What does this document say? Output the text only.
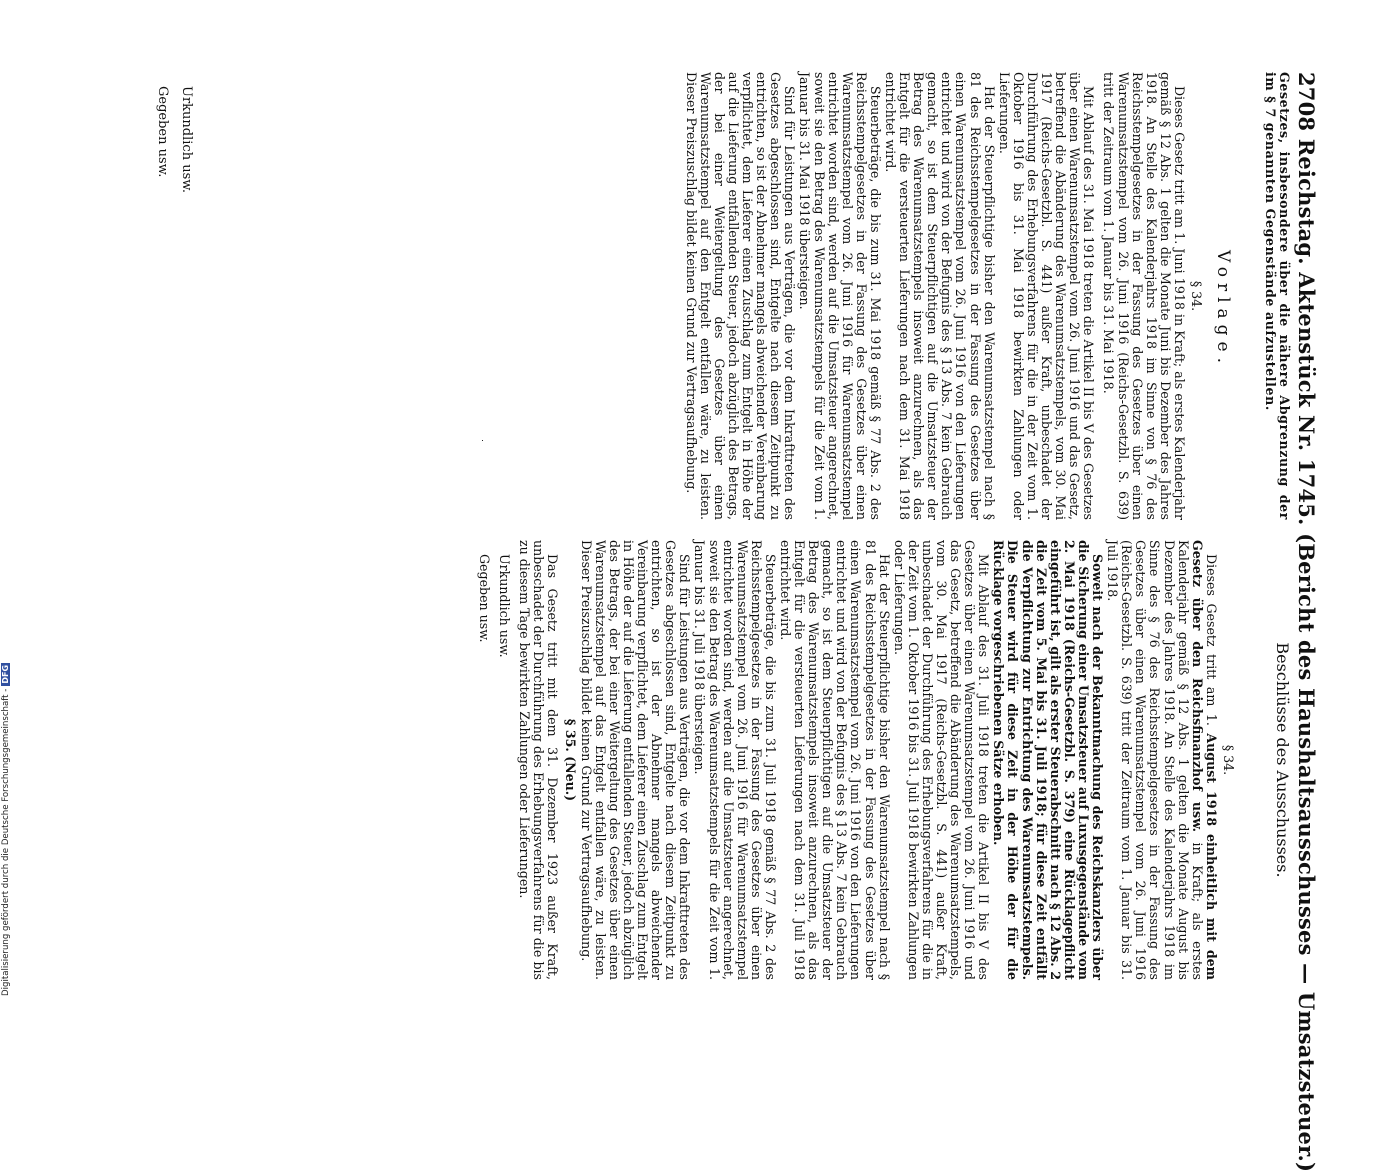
2708 Reichstag. Aktenstück Nr. 1745. (Bericht des Haushaltsausschusses — Umsatzsteuer.)

Gesetzes, insbesondere über die nähere Abgrenzung der im § 7 genannten Gegenstände aufzustellen.

Vorlage.
§ 34.

Dieses Gesetz tritt am 1. Juni 1918 in Kraft; als erstes Kalenderjahr gemäß § 12 Abs. 1 gelten die Monate Juni bis Dezember des Jahres 1918. An Stelle des Kalenderjahrs 1918 im Sinne von § 76 des Reichsstempelgesetzes in der Fassung des Gesetzes über einen Warenumsatzstempel vom 26. Juni 1916 (Reichs-Gesetzbl. S. 639) tritt der Zeitraum vom 1. Januar bis 31. Mai 1918.

Mit Ablauf des 31. Mai 1918 treten die Artikel II bis V des Gesetzes über einen Warenumsatzstempel vom 26. Juni 1916 und das Gesetz, betreffend die Abänderung des Warenumsatzstempels, vom 30. Mai 1917 (Reichs-Gesetzbl. S. 441) außer Kraft, unbeschadet der Durchführung des Erhebungsverfahrens für die in der Zeit vom 1. Oktober 1916 bis 31. Mai 1918 bewirkten Zahlungen oder Lieferungen.

Hat der Steuerpflichtige bisher den Warenumsatzstempel nach § 81 des Reichsstempelgesetzes in der Fassung des Gesetzes über einen Warenumsatzstempel vom 26. Juni 1916 von den Lieferungen entrichtet und wird von der Befugnis des § 13 Abs. 7 kein Gebrauch gemacht, so ist dem Steuerpflichtigen auf die Umsatzsteuer der Betrag des Warenumsatzstempels insoweit anzurechnen, als das Entgelt für die versteuerten Lieferungen nach dem 31. Mai 1918 entrichtet wird.

Steuerbeträge, die bis zum 31. Mai 1918 gemäß § 77 Abs. 2 des Reichsstempelgesetzes in der Fassung des Gesetzes über einen Warenumsatzstempel vom 26. Juni 1916 für Warenumsatzstempel entrichtet worden sind, werden auf die Umsatzsteuer angerechnet, soweit sie den Betrag des Warenumsatzstempels für die Zeit vom 1. Januar bis 31. Mai 1918 übersteigen.

Sind für Leistungen aus Verträgen, die vor dem Inkrafttreten des Gesetzes abgeschlossen sind, Entgelte nach diesem Zeitpunkt zu entrichten, so ist der Abnehmer mangels abweichender Vereinbarung verpflichtet, dem Lieferer einen Zuschlag zum Entgelt in Höhe der auf die Lieferung entfallenden Steuer, jedoch abzüglich des Betrags, der bei einer Weitergeltung des Gesetzes über einen Warenumsatzstempel auf den Entgelt entfallen wäre, zu leisten. Dieser Preiszuschlag bildet keinen Grund zur Vertragsaufhebung.

Urkundlich usw.

Gegeben usw.

Beschlüsse des Ausschusses.
§ 34.

Dieses Gesetz tritt am 1. August 1918 einheitlich mit dem Gesetz über den Reichsfinanzhof usw. in Kraft; als erstes Kalenderjahr gemäß § 12 Abs. 1 gelten die Monate August bis Dezember des Jahres 1918. An Stelle des Kalenderjahrs 1918 im Sinne des § 76 des Reichsstempelgesetzes in der Fassung des Gesetzes über einen Warenumsatzstempel vom 26. Juni 1916 (Reichs-Gesetzbl. S. 639) tritt der Zeitraum vom 1. Januar bis 31. Juli 1918.

Soweit nach der Bekanntmachung des Reichskanzlers über die Sicherung einer Umsatzsteuer auf Luxusgegenstände vom 2. Mai 1918 (Reichs-Gesetzbl. S. 379) eine Rücklagepflicht eingeführt ist, gilt als erster Steuerabschnitt nach § 12 Abs. 2 die Zeit vom 5. Mai bis 31. Juli 1918; für diese Zeit entfällt die Verpflichtung zur Entrichtung des Warenumsatzstempels. Die Steuer wird für diese Zeit in der Höhe der für die Rücklage vorgeschriebenen Sätze erhoben.

Mit Ablauf des 31. Juli 1918 treten die Artikel II bis V des Gesetzes über einen Warenumsatzstempel vom 26. Juni 1916 und das Gesetz, betreffend die Abänderung des Warenumsatzstempels, vom 30. Mai 1917 (Reichs-Gesetzbl. S. 441) außer Kraft, unbeschadet der Durchführung des Erhebungsverfahrens für die in der Zeit vom 1. Oktober 1916 bis 31. Juli 1918 bewirkten Zahlungen oder Lieferungen.

Hat der Steuerpflichtige bisher den Warenumsatzstempel nach § 81 des Reichsstempelgesetzes in der Fassung des Gesetzes über einen Warenumsatzstempel vom 26. Juni 1916 von den Lieferungen entrichtet und wird von der Befugnis des § 13 Abs. 7 kein Gebrauch gemacht, so ist dem Steuerpflichtigen auf die Umsatzsteuer der Betrag des Warenumsatzstempels insoweit anzurechnen, als das Entgelt für die versteuerten Lieferungen nach dem 31. Juli 1918 entrichtet wird.

Steuerbeträge, die bis zum 31. Juli 1918 gemäß § 77 Abs. 2 des Reichsstempelgesetzes in der Fassung des Gesetzes über einen Warenumsatzstempel vom 26. Juni 1916 für Warenumsatzstempel entrichtet worden sind, werden auf die Umsatzsteuer angerechnet, soweit sie den Betrag des Warenumsatzstempels für die Zeit vom 1. Januar bis 31. Juli 1918 übersteigen.

Sind für Leistungen aus Verträgen, die vor dem Inkrafttreten des Gesetzes abgeschlossen sind, Entgelte nach diesem Zeitpunkt zu entrichten, so ist der Abnehmer mangels abweichender Vereinbarung verpflichtet, dem Lieferer einen Zuschlag zum Entgelt in Höhe der auf die Lieferung entfallenden Steuer, jedoch abzüglich des Betrags, der bei einer Weitergeltung des Gesetzes über einen Warenumsatzstempel auf das Entgelt entfallen wäre, zu leisten. Dieser Preiszuschlag bildet keinen Grund zur Vertragsaufhebung.

§ 35. (Neu.)

Das Gesetz tritt mit dem 31. Dezember 1923 außer Kraft, unbeschadet der Durchführung des Erhebungsverfahrens für die bis zu diesem Tage bewirkten Zahlungen oder Lieferungen.

Urkundlich usw.

Gegeben usw.

Digitalisierung gefördert durch die Deutsche Forschungsgemeinschaft -DFG
